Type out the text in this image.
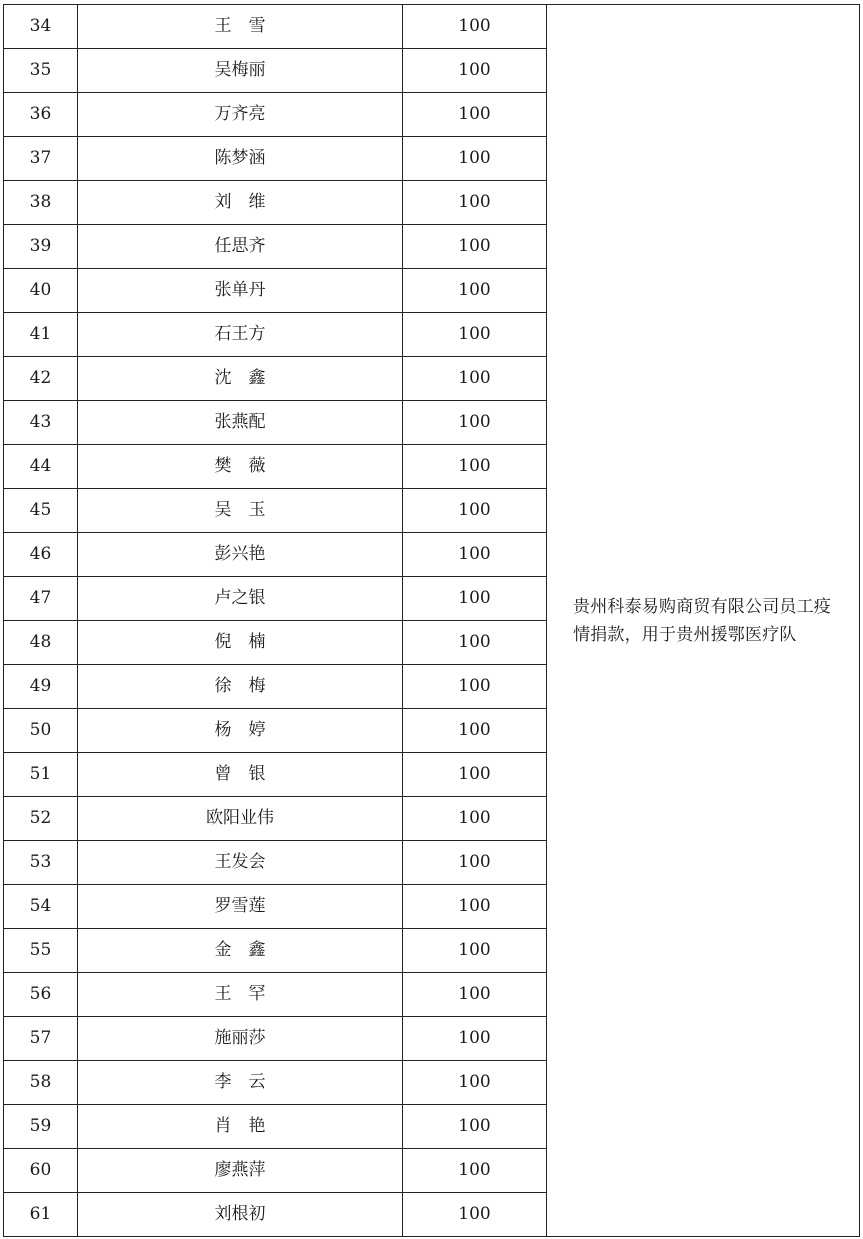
34	王　雪	100	贵州科泰易购商贸有限公司员工疫情捐款，用于贵州援鄂医疗队
35	吴梅丽	100	
36	万齐亮	100	
37	陈梦涵	100	
38	刘　维	100	
39	任思齐	100	
40	张单丹	100	
41	石王方	100	
42	沈　鑫	100	
43	张燕配	100	
44	樊　薇	100	
45	吴　玉	100	
46	彭兴艳	100	
47	卢之银	100	
48	倪　楠	100	
49	徐　梅	100	
50	杨　婷	100	
51	曾　银	100	
52	欧阳业伟	100	
53	王发会	100	
54	罗雪莲	100	
55	金　鑫	100	
56	王　罕	100	
57	施丽莎	100	
58	李　云	100	
59	肖　艳	100	
60	廖燕萍	100	
61	刘根初	100	
